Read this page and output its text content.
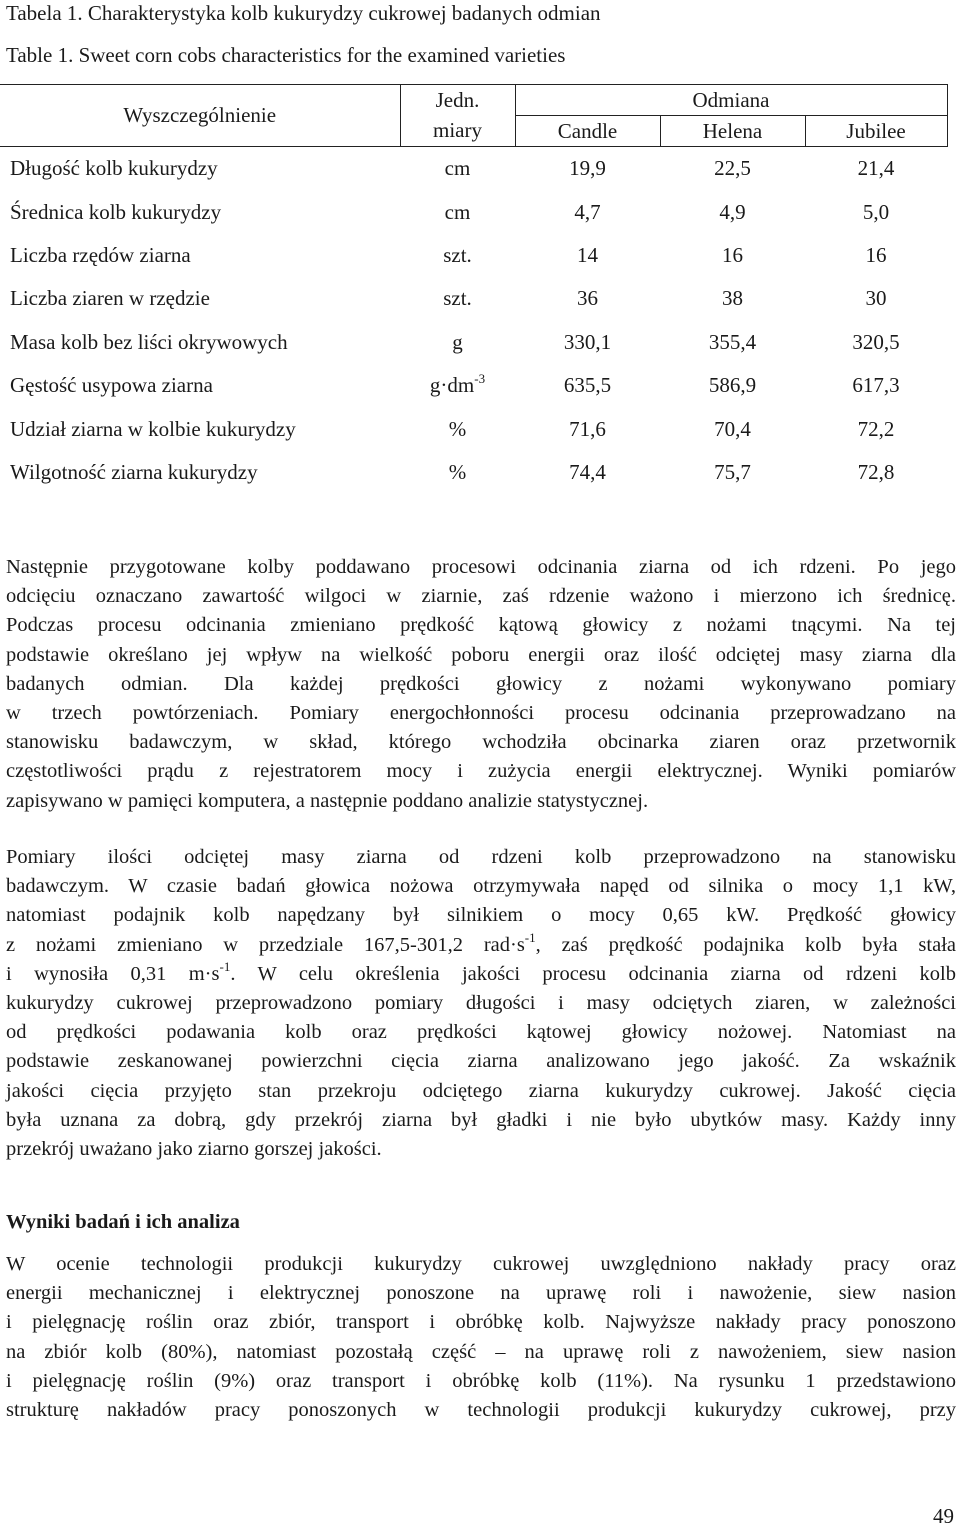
Tabela 1. Charakterystyka kolb kukurydzy cukrowej badanych odmian
Table 1. Sweet corn cobs characteristics for the examined varieties
Wyszczególnienie	Jedn.	Odmiana		
	miary	Candle	Helena	Jubilee
Długość kolb kukurydzy	cm	19,9	22,5	21,4
Średnica kolb kukurydzy	cm	4,7	4,9	5,0
Liczba rzędów ziarna	szt.	14	16	16
Liczba ziaren w rzędzie	szt.	36	38	30
Masa kolb bez liści okrywowych	g	330,1	355,4	320,5
Gęstość usypowa ziarna	$g\cdot dm^{-3}$	635,5	586,9	617,3
Udział ziarna w kolbie kukurydzy	%	71,6	70,4	72,2
Wilgotność ziarna kukurydzy	%	74,4	75,7	72,8
Następnie przygotowane kolby poddawano procesowi odcinania ziarna od ich rdzeni. Po jego
odcięciu oznaczano zawartość wilgoci w ziarnie, zaś rdzenie ważono i mierzono ich średnicę.
Podczas procesu odcinania zmieniano prędkość kątową głowicy z nożami tnącymi. Na tej
podstawie określano jej wpływ na wielkość poboru energii oraz ilość odciętej masy ziarna dla
badanych odmian. Dla każdej prędkości głowicy z nożami wykonywano pomiary
w trzech powtórzeniach. Pomiary energochłonności procesu odcinania przeprowadzano na
stanowisku badawczym, w skład, którego wchodziła obcinarka ziaren oraz przetwornik
częstotliwości prądu z rejestratorem mocy i zużycia energii elektrycznej. Wyniki pomiarów
zapisywano w pamięci komputera, a następnie poddano analizie statystycznej.
Pomiary ilości odciętej masy ziarna od rdzeni kolb przeprowadzono na stanowisku
badawczym. W czasie badań głowica nożowa otrzymywała napęd od silnika o mocy 1,1 kW,
natomiast podajnik kolb napędzany był silnikiem o mocy 0,65 kW. Prędkość głowicy
z nożami zmieniano w przedziale 167,5-301,2 $rad\cdot s^{-1}$, zaś prędkość podajnika kolb była stała
i wynosiła 0,31 $m\cdot s^{-1}$. W celu określenia jakości procesu odcinania ziarna od rdzeni kolb
kukurydzy cukrowej przeprowadzono pomiary długości i masy odciętych ziaren, w zależności
od prędkości podawania kolb oraz prędkości kątowej głowicy nożowej. Natomiast na
podstawie zeskanowanej powierzchni cięcia ziarna analizowano jego jakość. Za wskaźnik
jakości cięcia przyjęto stan przekroju odciętego ziarna kukurydzy cukrowej. Jakość cięcia
była uznana za dobrą, gdy przekrój ziarna był gładki i nie było ubytków masy. Każdy inny
przekrój uważano jako ziarno gorszej jakości.
Wyniki badań i ich analiza
W ocenie technologii produkcji kukurydzy cukrowej uwzględniono nakłady pracy oraz
energii mechanicznej i elektrycznej ponoszone na uprawę roli i nawożenie, siew nasion
i pielęgnację roślin oraz zbiór, transport i obróbkę kolb. Najwyższe nakłady pracy ponoszono
na zbiór kolb (80%), natomiast pozostałą część – na uprawę roli z nawożeniem, siew nasion
i pielęgnację roślin (9%) oraz transport i obróbkę kolb (11%). Na rysunku 1 przedstawiono
strukturę nakładów pracy ponoszonych w technologii produkcji kukurydzy cukrowej, przy
49
